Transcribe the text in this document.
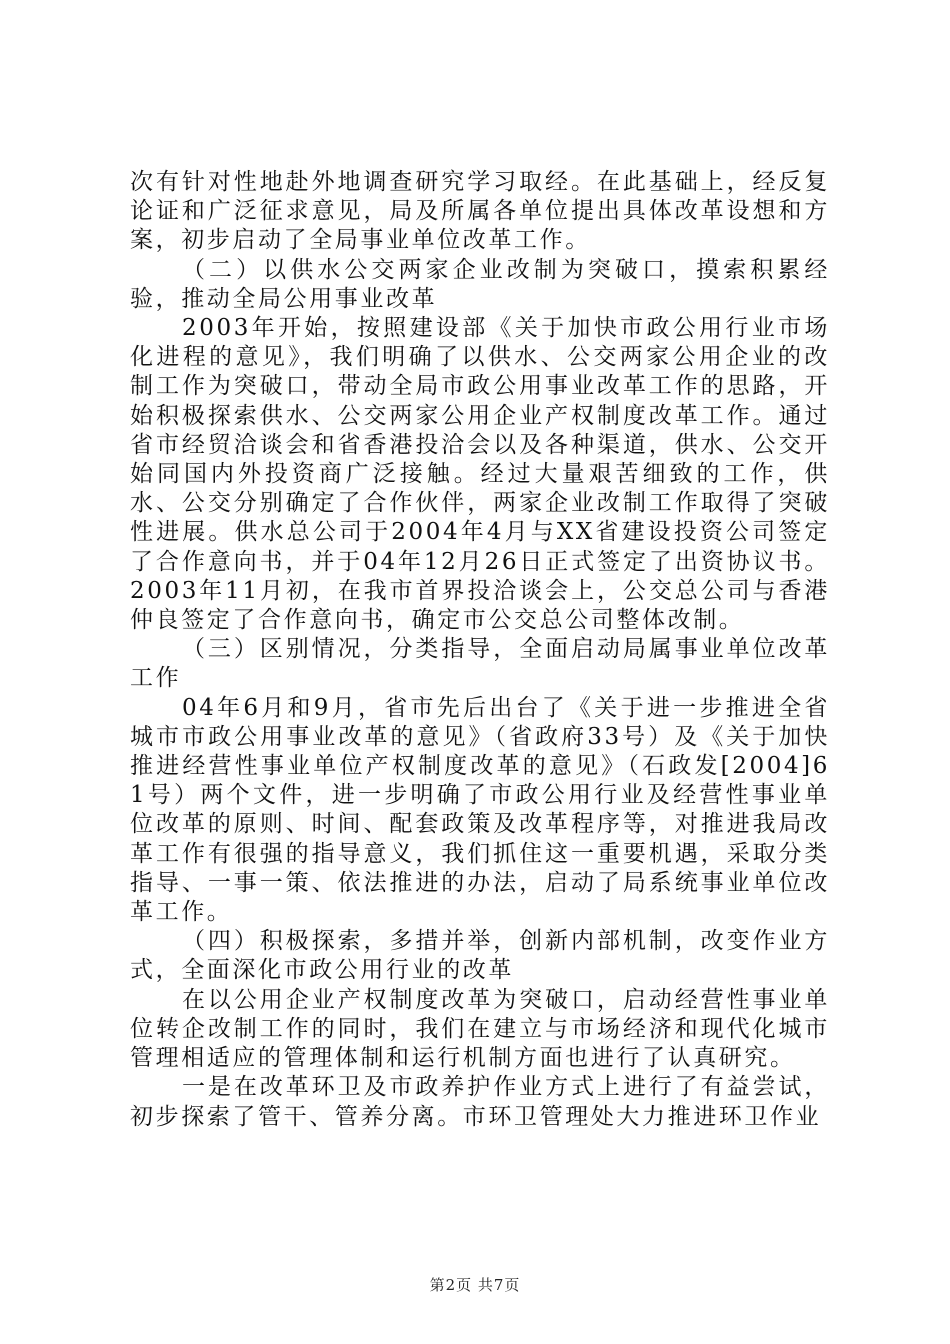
次有针对性地赴外地调查研究学习取经。在此基础上，经反复论证和广泛征求意见，局及所属各单位提出具体改革设想和方案，初步启动了全局事业单位改革工作。

（二）以供水公交两家企业改制为突破口，摸索积累经验，推动全局公用事业改革

2003年开始，按照建设部《关于加快市政公用行业市场化进程的意见》，我们明确了以供水、公交两家公用企业的改制工作为突破口，带动全局市政公用事业改革工作的思路，开始积极探索供水、公交两家公用企业产权制度改革工作。通过省市经贸洽谈会和省香港投洽会以及各种渠道，供水、公交开始同国内外投资商广泛接触。经过大量艰苦细致的工作，供水、公交分别确定了合作伙伴，两家企业改制工作取得了突破性进展。供水总公司于2004年4月与XX省建设投资公司签定了合作意向书，并于04年12月26日正式签定了出资协议书。2003年11月初，在我市首界投洽谈会上，公交总公司与香港仲良签定了合作意向书，确定市公交总公司整体改制。

（三）区别情况，分类指导，全面启动局属事业单位改革工作

04年6月和9月，省市先后出台了《关于进一步推进全省城市市政公用事业改革的意见》（省政府33号）及《关于加快推进经营性事业单位产权制度改革的意见》（石政发[2004]61号）两个文件，进一步明确了市政公用行业及经营性事业单位改革的原则、时间、配套政策及改革程序等，对推进我局改革工作有很强的指导意义，我们抓住这一重要机遇，采取分类指导、一事一策、依法推进的办法，启动了局系统事业单位改革工作。

（四）积极探索，多措并举，创新内部机制，改变作业方式，全面深化市政公用行业的改革

在以公用企业产权制度改革为突破口，启动经营性事业单位转企改制工作的同时，我们在建立与市场经济和现代化城市管理相适应的管理体制和运行机制方面也进行了认真研究。

一是在改革环卫及市政养护作业方式上进行了有益尝试，初步探索了管干、管养分离。市环卫管理处大力推进环卫作业

第2页 共7页
